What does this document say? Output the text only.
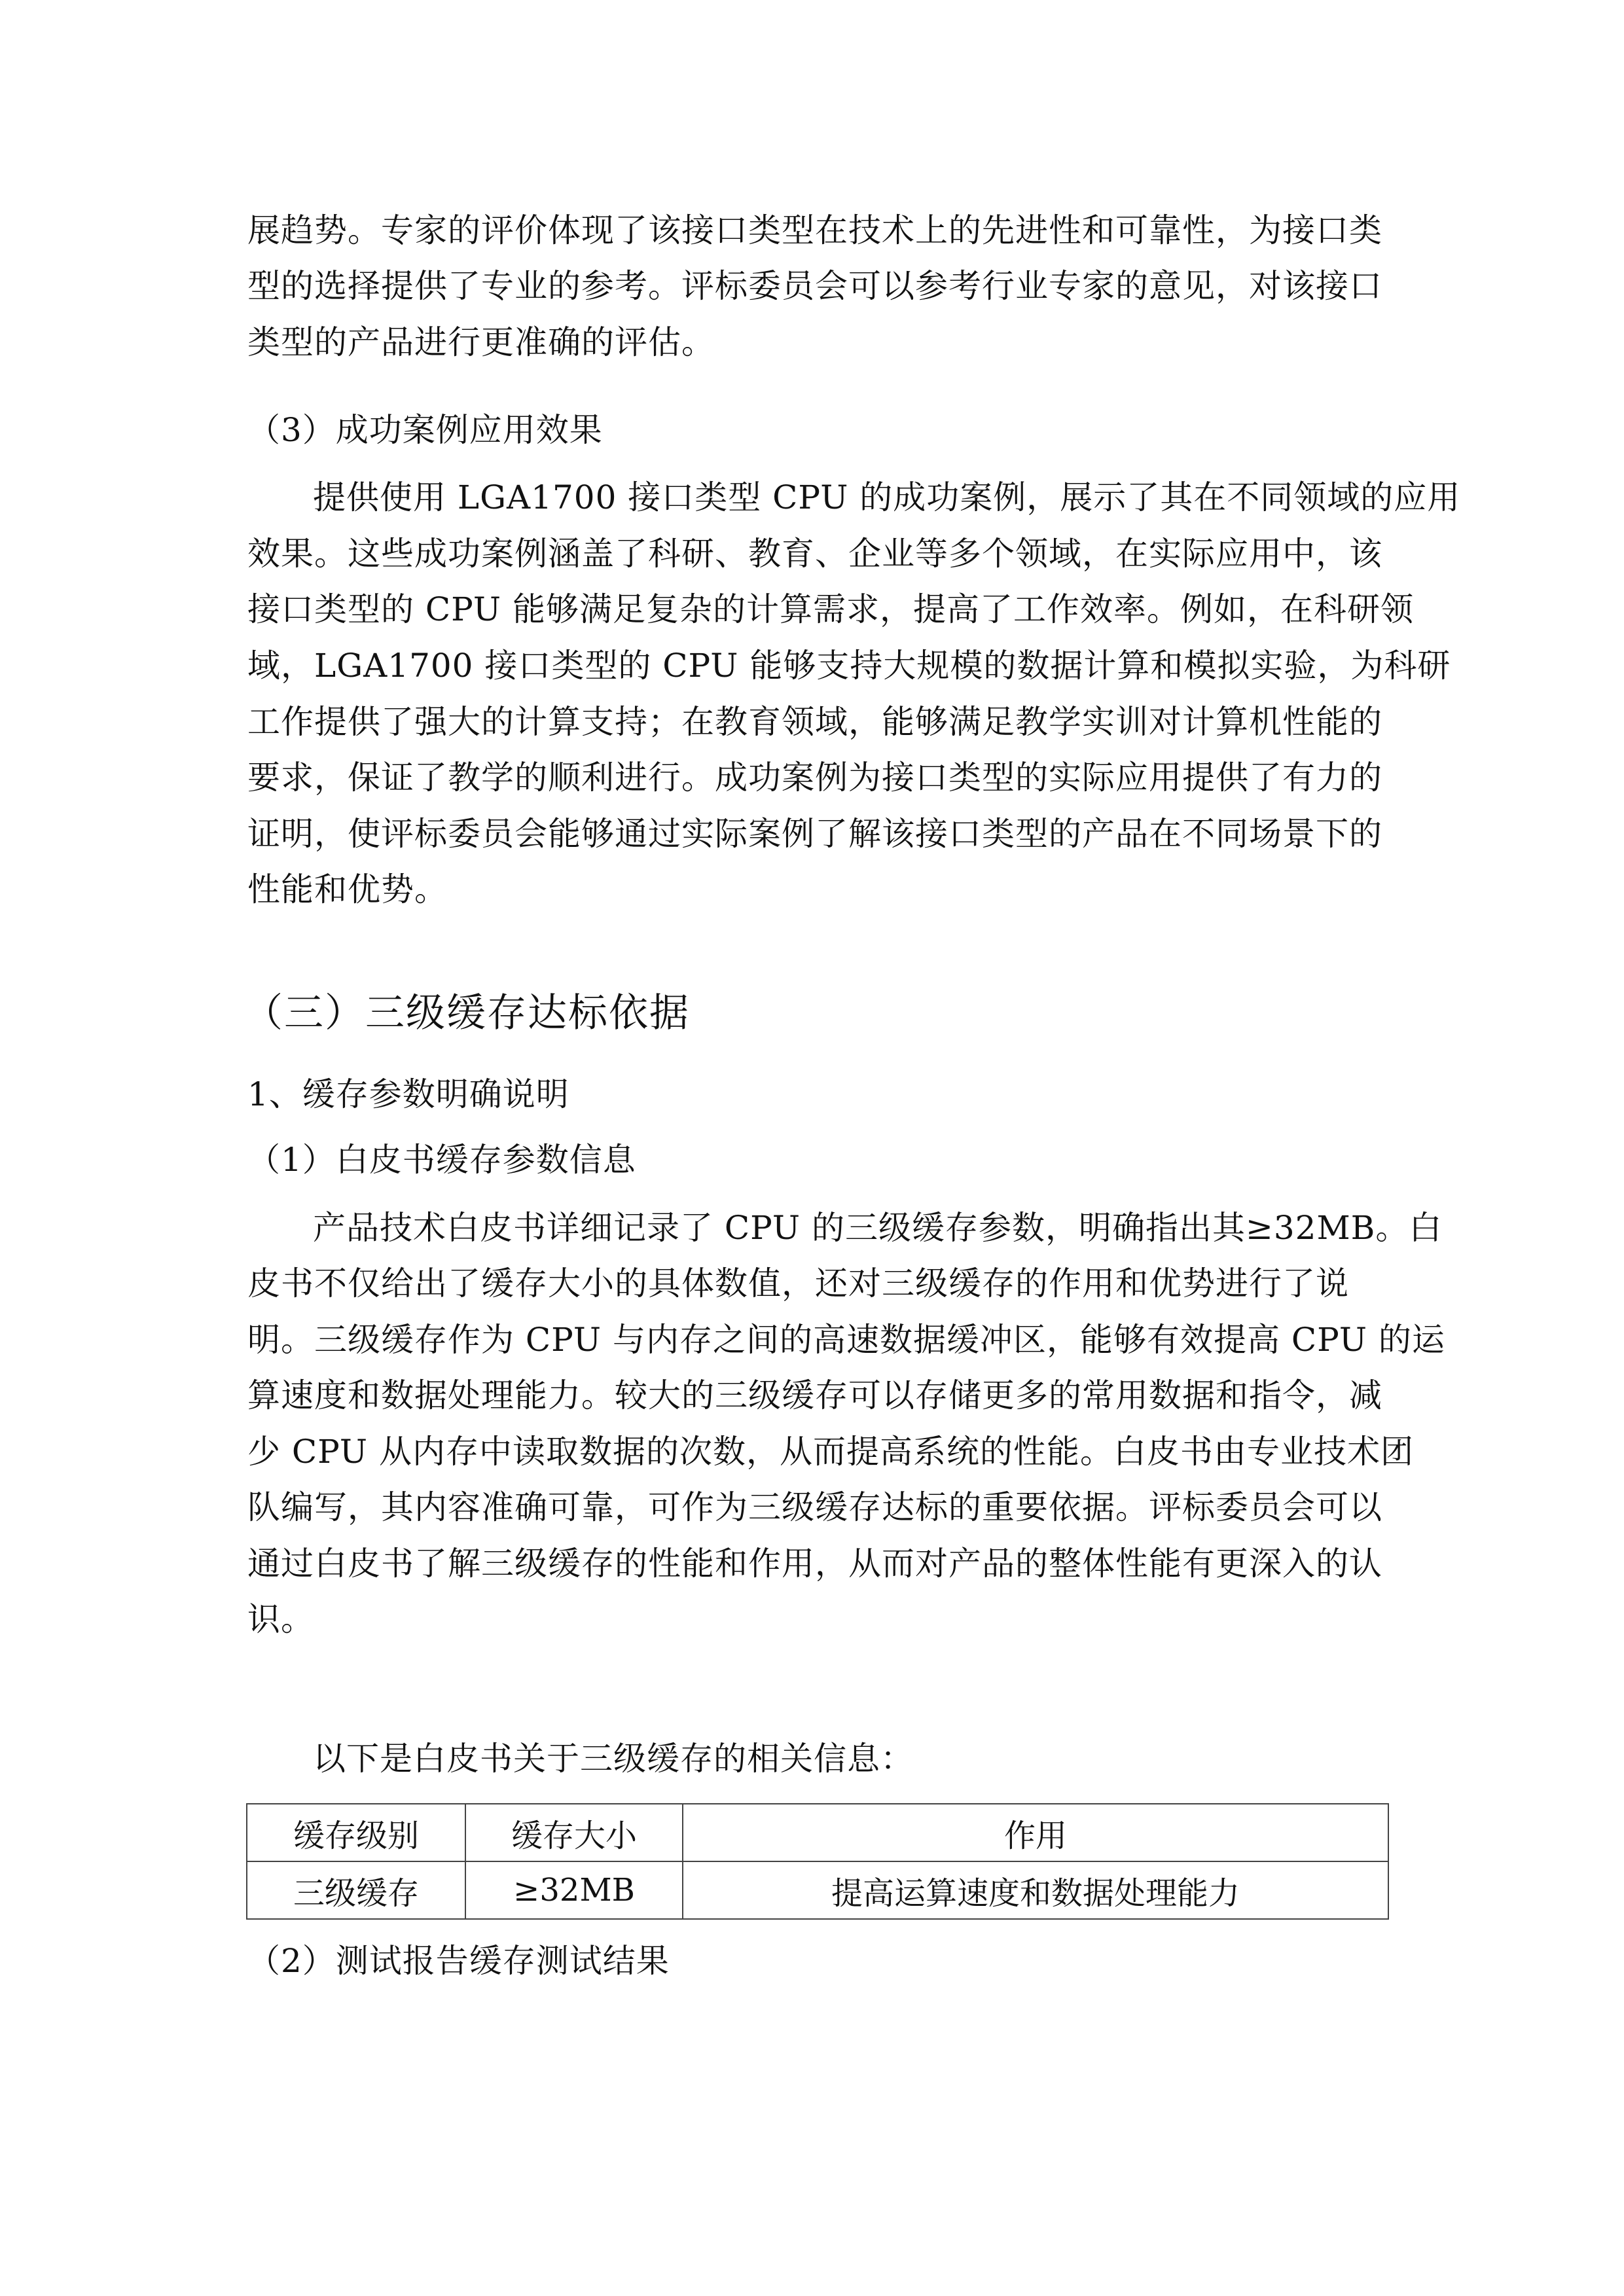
展趋势。专家的评价体现了该接口类型在技术上的先进性和可靠性，为接口类
型的选择提供了专业的参考。评标委员会可以参考行业专家的意见，对该接口
类型的产品进行更准确的评估。
（3）成功案例应用效果
提供使用 LGA1700 接口类型 CPU 的成功案例，展示了其在不同领域的应用
效果。这些成功案例涵盖了科研、教育、企业等多个领域，在实际应用中，该
接口类型的 CPU 能够满足复杂的计算需求，提高了工作效率。例如，在科研领
域，LGA1700 接口类型的 CPU 能够支持大规模的数据计算和模拟实验，为科研
工作提供了强大的计算支持；在教育领域，能够满足教学实训对计算机性能的
要求，保证了教学的顺利进行。成功案例为接口类型的实际应用提供了有力的
证明，使评标委员会能够通过实际案例了解该接口类型的产品在不同场景下的
性能和优势。
（三）三级缓存达标依据
1、缓存参数明确说明
（1）白皮书缓存参数信息
产品技术白皮书详细记录了 CPU 的三级缓存参数，明确指出其≥32MB。白
皮书不仅给出了缓存大小的具体数值，还对三级缓存的作用和优势进行了说
明。三级缓存作为 CPU 与内存之间的高速数据缓冲区，能够有效提高 CPU 的运
算速度和数据处理能力。较大的三级缓存可以存储更多的常用数据和指令，减
少 CPU 从内存中读取数据的次数，从而提高系统的性能。白皮书由专业技术团
队编写，其内容准确可靠，可作为三级缓存达标的重要依据。评标委员会可以
通过白皮书了解三级缓存的性能和作用，从而对产品的整体性能有更深入的认
识。
以下是白皮书关于三级缓存的相关信息：
缓存级别	缓存大小	作用
三级缓存	≥32MB	提高运算速度和数据处理能力
（2）测试报告缓存测试结果
